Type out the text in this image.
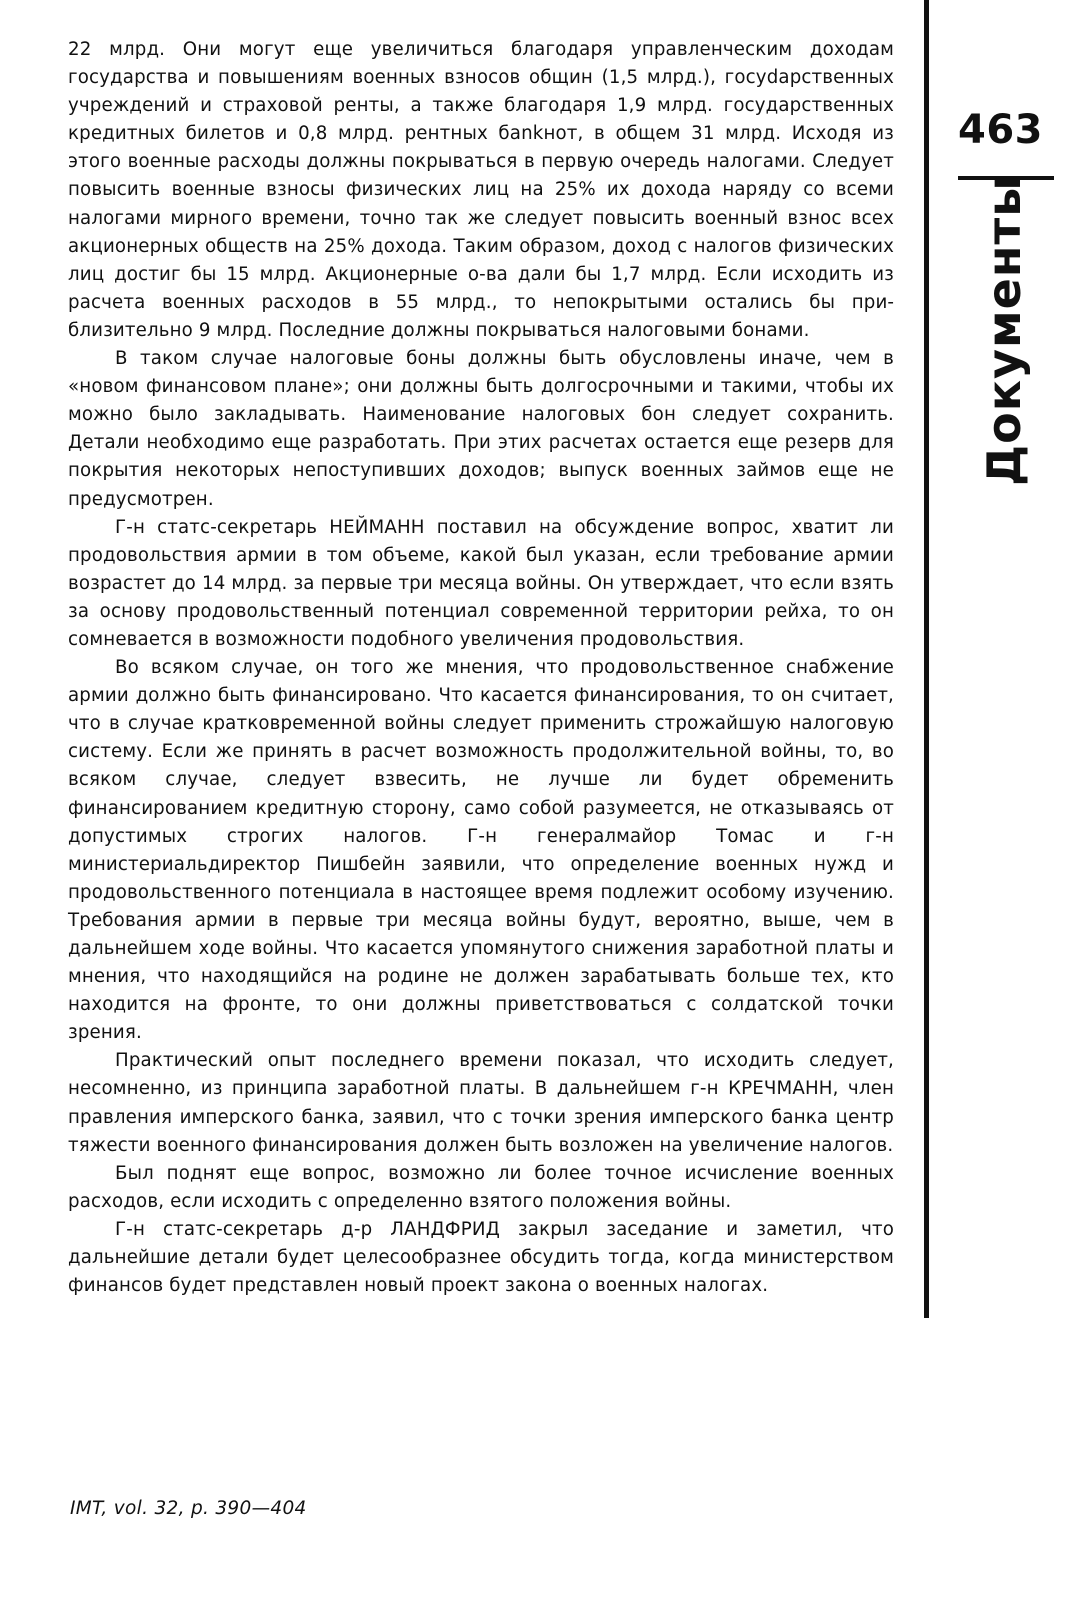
463
Документы

22 млрд. Они могут еще увеличиться благодаря управленческим доходам государства и повышениям военных взносов общин (1,5 млрд.), госуdарственных учреждений и страховой ренты, а также благодаря 1,9 млрд. государственных кредитных билетов и 0,8 млрд. рентных бankнот, в общем 31 млрд. Исходя из этого военные расходы должны покрываться в первую очередь налогами. Следует повысить военные взносы физических лиц на 25% их дохода наряду со всеми налогами мирного времени, точно так же следует повысить военный взнос всех акционерных обществ на 25% дохода. Таким образом, доход с налогов физических лиц достиг бы 15 млрд. Акционерные о-ва дали бы 1,7 млрд. Если исходить из расчета военных расходов в 55 млрд., то непокрытыми остались бы приблизительно 9 млрд. Последние должны покрываться налоговыми бонами.

В таком случае налоговые боны должны быть обусловлены иначе, чем в «новом финансовом плане»; они должны быть долгосрочными и такими, чтобы их можно было закладывать. Наименование налоговых бон следует сохранить. Детали необходимо еще разработать. При этих расчетах остается еще резерв для покрытия некоторых непоступивших доходов; выпуск военных займов еще не предусмотрен.

Г-н статс-секретарь НЕЙМАНН поставил на обсуждение вопрос, хватит ли продовольствия армии в том объеме, какой был указан, если требование армии возрастет до 14 млрд. за первые три месяца войны. Он утверждает, что если взять за основу продовольственный потенциал современной территории рейха, то он сомневается в возможности подобного увеличения продовольствия.

Во всяком случае, он того же мнения, что продовольственное снабжение армии должно быть финансировано. Что касается финансирования, то он считает, что в случае кратковременной войны следует применить строжайшую налоговую систему. Если же принять в расчет возможность продолжительной войны, то, во всяком случае, следует взвесить, не лучше ли будет обременить финансированием кредитную сторону, само собой разумеется, не отказываясь от допустимых строгих налогов. Г-н генералмайор Томас и г-н министериальдиректор Пишбейн заявили, что определение военных нужд и продовольственного потенциала в настоящее время подлежит особому изучению. Требования армии в первые три месяца войны будут, вероятно, выше, чем в дальнейшем ходе войны. Что касается упомянутого снижения заработной платы и мнения, что находящийся на родине не должен зарабатывать больше тех, кто находится на фронте, то они должны приветствоваться с солдатской точки зрения.

Практический опыт последнего времени показал, что исходить следует, несомненно, из принципа заработной платы. В дальнейшем г-н КРЕЧМАНН, член правления имперского банка, заявил, что с точки зрения имперского банка центр тяжести военного финансирования должен быть возложен на увеличение налогов.

Был поднят еще вопрос, возможно ли более точное исчисление военных расходов, если исходить с определенно взятого положения войны.

Г-н статс-секретарь д-р ЛАНДФРИД закрыл заседание и заметил, что дальнейшие детали будет целесообразнее обсудить тогда, когда министерством финансов будет представлен новый проект закона о военных налогах.

IMT, vol. 32, p. 390—404
